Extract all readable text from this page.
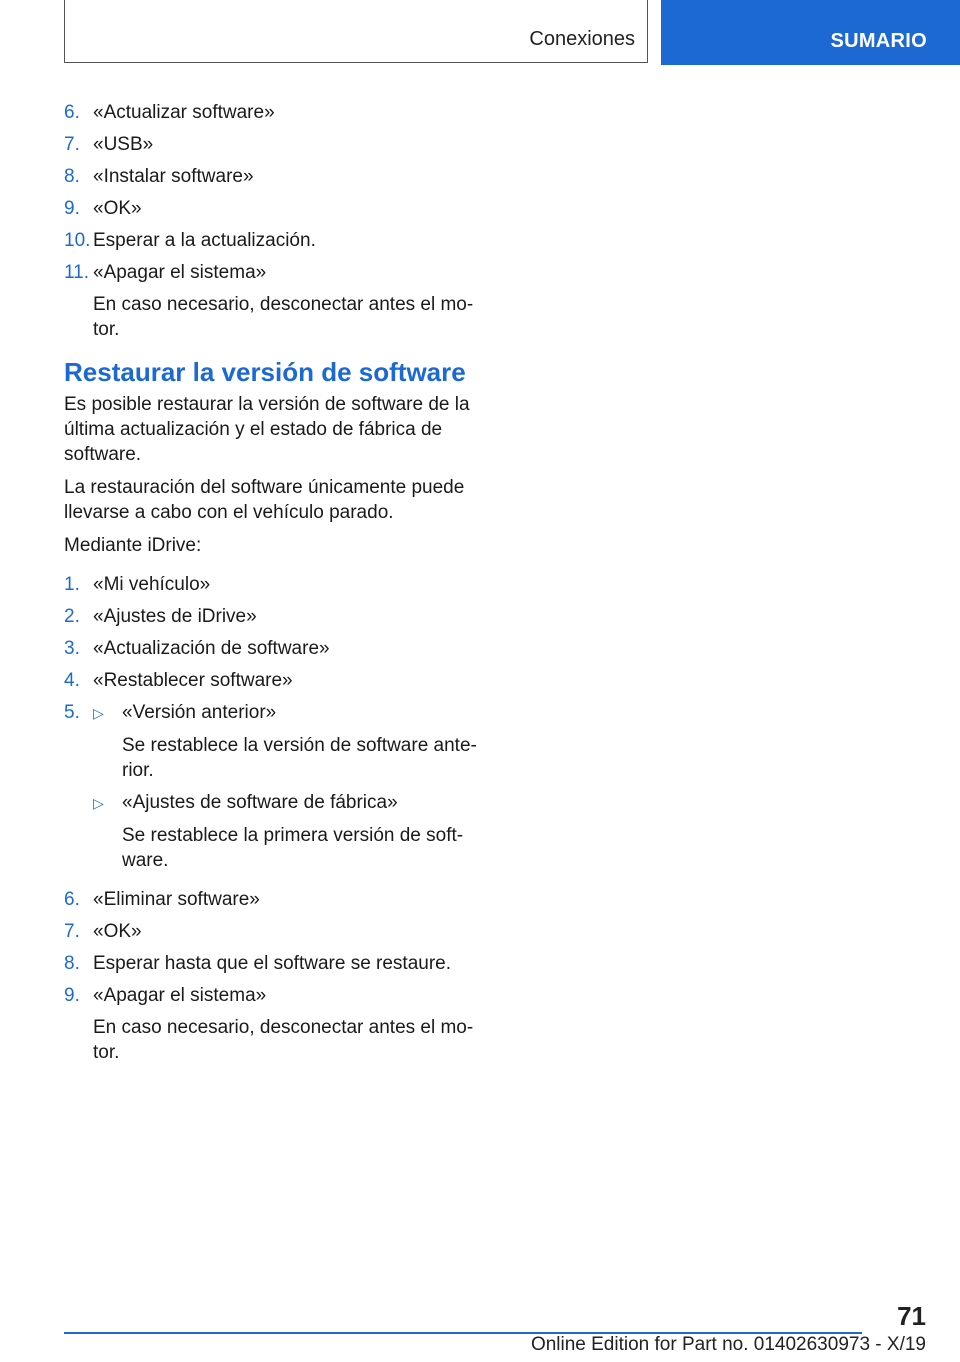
Conexiones	SUMARIO
6. «Actualizar software»
7. «USB»
8. «Instalar software»
9. «OK»
10. Esperar a la actualización.
11. «Apagar el sistema»
En caso necesario, desconectar antes el mo-tor.
Restaurar la versión de software

Es posible restaurar la versión de software de la última actualización y el estado de fábrica de software.

La restauración del software únicamente puede llevarse a cabo con el vehículo parado.

Mediante iDrive:

1. «Mi vehículo»
2. «Ajustes de iDrive»
3. «Actualización de software»
4. «Restablecer software»
5. ▷ «Versión anterior»
Se restablece la versión de software ante-rior.
▷ «Ajustes de software de fábrica»
Se restablece la primera versión de soft-ware.
6. «Eliminar software»
7. «OK»
8. Esperar hasta que el software se restaure.
9. «Apagar el sistema»
En caso necesario, desconectar antes el mo-tor.
71
Online Edition for Part no. 01402630973 - X/19
